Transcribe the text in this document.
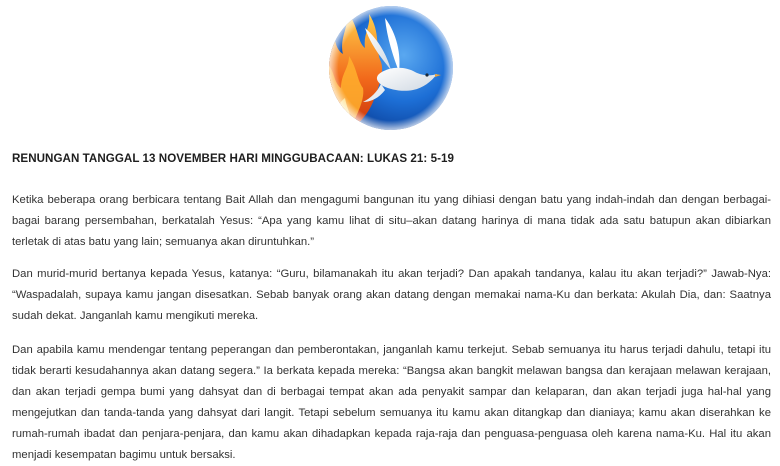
RENUNGAN TANGGAL 13 NOVEMBER HARI MINGGUBACAAN: LUKAS 21: 5-19

Ketika beberapa orang berbicara tentang Bait Allah dan mengagumi bangunan itu yang dihiasi dengan batu yang indah-indah dan dengan berbagai-bagai barang persembahan, berkatalah Yesus: “Apa yang kamu lihat di situ–akan datang harinya di mana tidak ada satu batupun akan dibiarkan terletak di atas batu yang lain; semuanya akan diruntuhkan.”

Dan murid-murid bertanya kepada Yesus, katanya: “Guru, bilamanakah itu akan terjadi? Dan apakah tandanya, kalau itu akan terjadi?” Jawab-Nya: “Waspadalah, supaya kamu jangan disesatkan. Sebab banyak orang akan datang dengan memakai nama-Ku dan berkata: Akulah Dia, dan: Saatnya sudah dekat. Janganlah kamu mengikuti mereka.

Dan apabila kamu mendengar tentang peperangan dan pemberontakan, janganlah kamu terkejut. Sebab semuanya itu harus terjadi dahulu, tetapi itu tidak berarti kesudahannya akan datang segera.” Ia berkata kepada mereka: “Bangsa akan bangkit melawan bangsa dan kerajaan melawan kerajaan, dan akan terjadi gempa bumi yang dahsyat dan di berbagai tempat akan ada penyakit sampar dan kelaparan, dan akan terjadi juga hal-hal yang mengejutkan dan tanda-tanda yang dahsyat dari langit. Tetapi sebelum semuanya itu kamu akan ditangkap dan dianiaya; kamu akan diserahkan ke rumah-rumah ibadat dan penjara-penjara, dan kamu akan dihadapkan kepada raja-raja dan penguasa-penguasa oleh karena nama-Ku. Hal itu akan menjadi kesempatan bagimu untuk bersaksi.
